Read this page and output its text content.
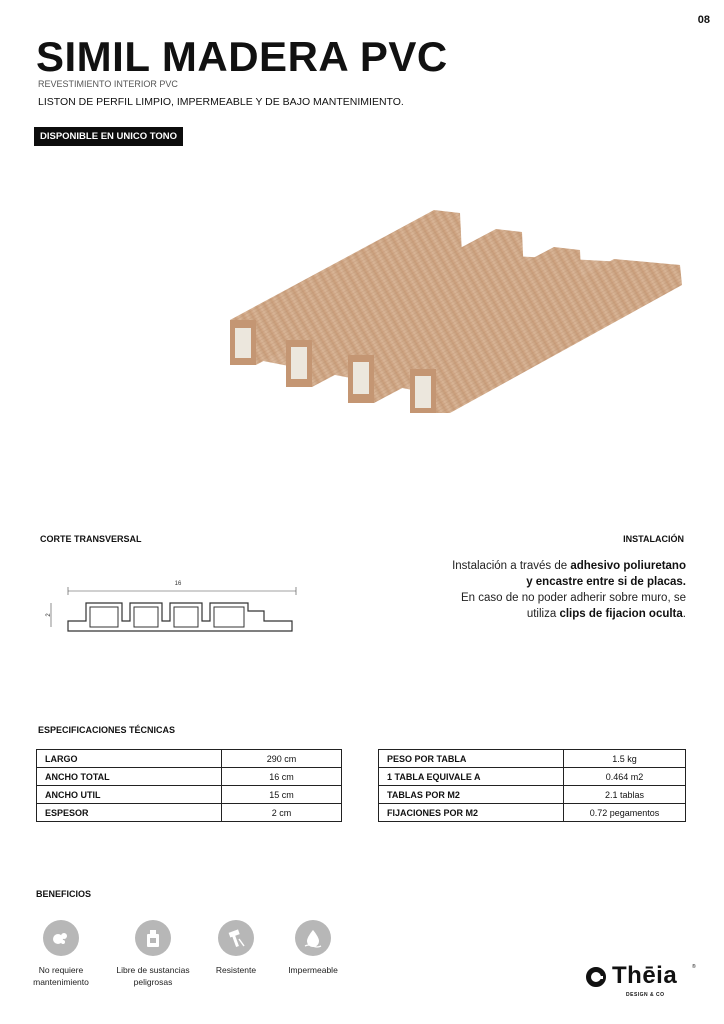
08
SIMIL MADERA PVC
REVESTIMIENTO INTERIOR PVC
LISTON DE PERFIL LIMPIO, IMPERMEABLE Y DE BAJO MANTENIMIENTO.
DISPONIBLE EN UNICO TONO
CORTE TRANSVERSAL	INSTALACIÓN
16
2
Instalación a través de adhesivo poliuretano
y encastre entre si de placas.
En caso de no poder adherir sobre muro, se
utiliza clips de fijacion oculta.
ESPECIFICACIONES TÉCNICAS
LARGO	290 cm
ANCHO TOTAL	16 cm
ANCHO UTIL	15 cm
ESPESOR	2 cm
PESO POR TABLA	1.5 kg
1 TABLA EQUIVALE A	0.464 m2
TABLAS POR M2	2.1 tablas
FIJACIONES POR M2	0.72 pegamentos
BENEFICIOS
No requiere
mantenimiento
Libre de sustancias
peligrosas
Resistente	Impermeable	Thēia
DESIGN & CO
®
